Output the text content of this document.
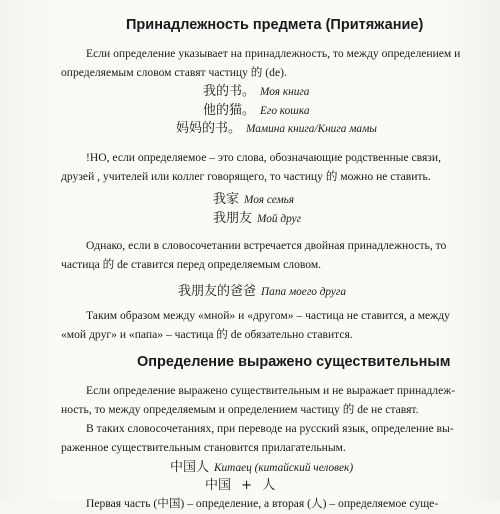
Принадлежность предмета (Притяжание)
Если определение указывает на принадлежность, то между определением и
определяемым словом ставят частицу 的 (de).
我的书。 Моя книга
他的猫。 Его кошка
妈妈的书。 Мамина книга/Книга мамы
!НО, если определяемое – это слова, обозначающие родственные связи,
друзей , учителей или коллег говорящего, то частицу 的 можно не ставить.
我家 Моя семья
我朋友 Мой друг
Однако, если в словосочетании встречается двойная принадлежность, то
частица 的 de ставится перед определяемым словом.
我朋友的爸爸 Папа моего друга
Таким образом между «мной» и «другом» – частица не ставится, а между
«мой друг» и «папа» – частица 的 de обязательно ставится.
Определение выражено существительным
Если определение выражено существительным и не выражает принадлеж-
ность, то между определяемым и определением частицу 的 de не ставят.
В таких словосочетаниях, при переводе на русский язык, определение вы-
раженное существительным становится прилагательным.
中国人 Китаец (китайский человек)
中国 + 人
Первая часть (中国) – определение, а вторая (人) – определяемое суще-
